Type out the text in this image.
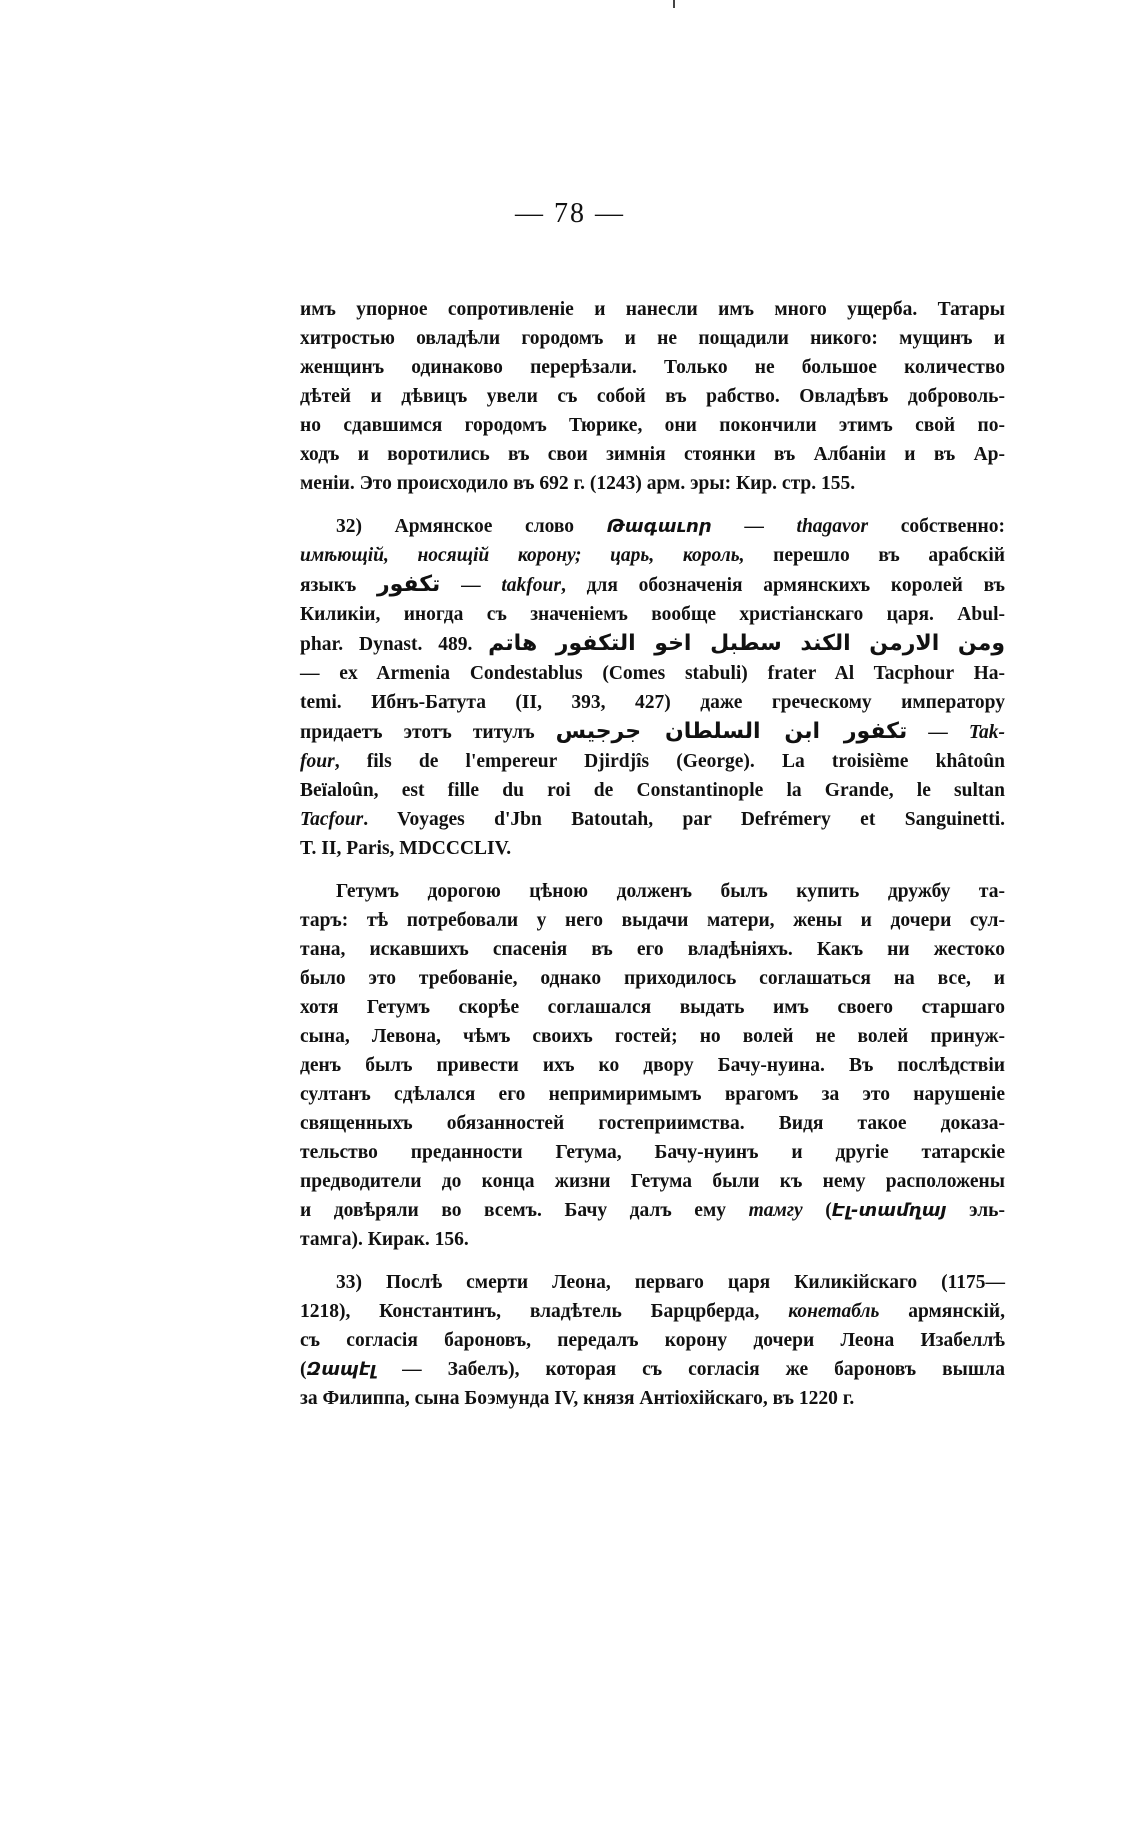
— 78 —
имъ упорное сопротивленіе и нанесли имъ много ущерба. Татары
хитростью овладѣли городомъ и не пощадили никого: мущинъ и
женщинъ одинаково перерѣзали. Только не большое количество
дѣтей и дѣвицъ увели съ собой въ рабство. Овладѣвъ доброволь-
но сдавшимся городомъ Тюрике, они покончили этимъ свой по-
ходъ и воротились въ свои зимнія стоянки въ Албаніи и въ Ар-
меніи. Это происходило въ 692 г. (1243) арм. эры: Кир. стр. 155.
32) Армянское слово Թագաւոր — thagavor собственно:
имѣющій, носящій корону; царь, король, перешло въ арабскій
языкъ تكفور — takfour, для обозначенія армянскихъ королей въ
Киликіи, иногда съ значеніемъ вообще христіанскаго царя. Abul-
phar. Dynast. 489. ومن الارمن الكند سطبل اخو التكفور هاتم
— ex Armenia Condestablus (Comes stabuli) frater Al Tacphour Ha-
temi. Ибнъ-Батута (II, 393, 427) даже греческому императору
придаетъ этотъ титулъ تكفور ابن السلطان جرجيس — Tak-
four, fils de l'empereur Djirdjîs (George). La troisième khâtoûn
Beïaloûn, est fille du roi de Constantinople la Grande, le sultan
Tacfour. Voyages d'Jbn Batoutah, par Defrémery et Sanguinetti.
T. II, Paris, MDCCCLIV.
Гетумъ дорогою цѣною долженъ былъ купить дружбу та-
таръ: тѣ потребовали у него выдачи матери, жены и дочери сул-
тана, искавшихъ спасенія въ его владѣніяхъ. Какъ ни жестоко
было это требованіе, однако приходилось соглашаться на все, и
хотя Гетумъ скорѣе соглашался выдать имъ своего старшаго
сына, Левона, чѣмъ своихъ гостей; но волей не волей принуж-
денъ былъ привести ихъ ко двору Бачу-нуина. Въ послѣдствіи
султанъ сдѣлался его непримиримымъ врагомъ за это нарушеніе
священныхъ обязанностей гостеприимства. Видя такое доказа-
тельство преданности Гетума, Бачу-нуинъ и другіе татарскіе
предводители до конца жизни Гетума были къ нему расположены
и довѣряли во всемъ. Бачу далъ ему тамгу (Էլ-տամղայ эль-
тамга). Кирак. 156.
33) Послѣ смерти Леона, перваго царя Киликійскаго (1175—
1218), Константинъ, владѣтель Барцрберда, конетабль армянскій,
съ согласія бароновъ, передалъ корону дочери Леона Изабеллѣ
(Զապէլ — Забелъ), которая съ согласія же бароновъ вышла
за Филиппа, сына Боэмунда IV, князя Антіохійскаго, въ 1220 г.
